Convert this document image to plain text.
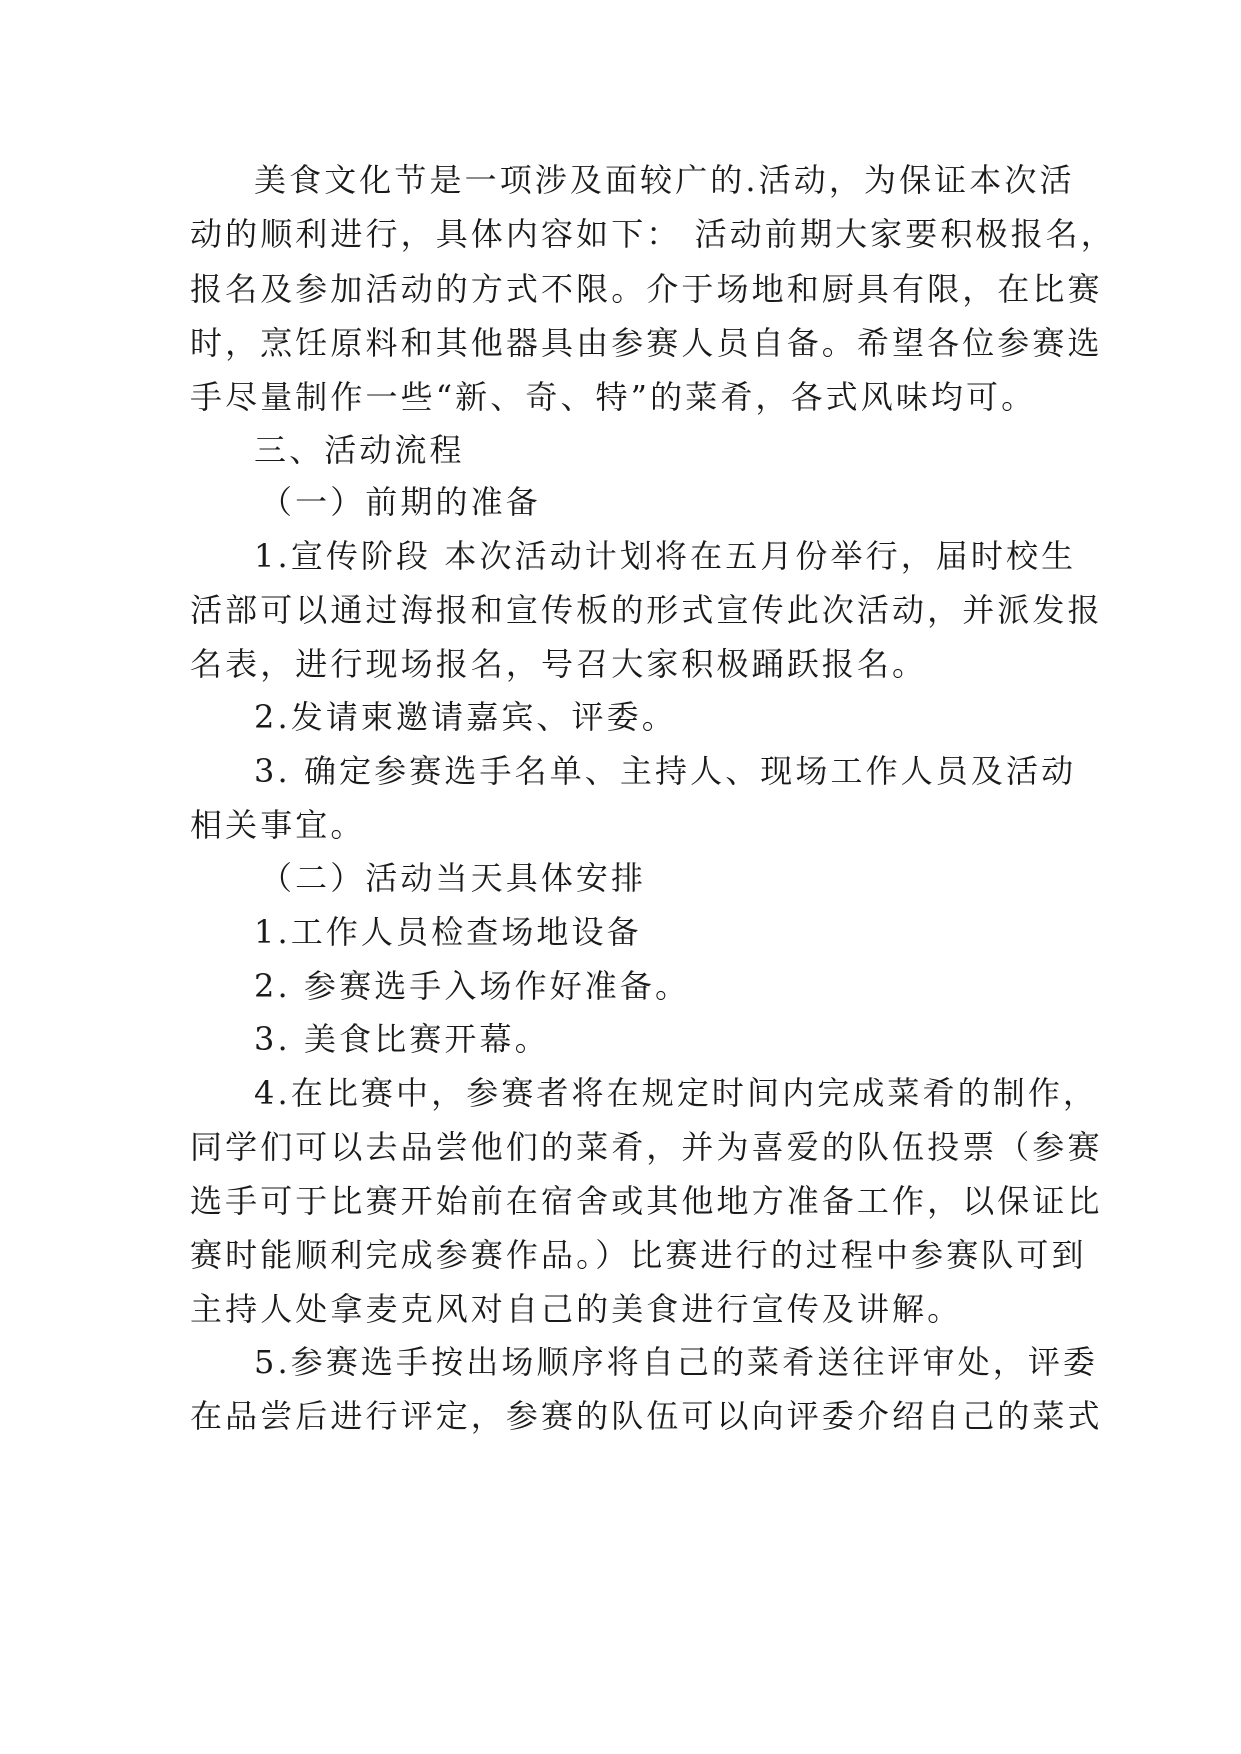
美食文化节是一项涉及面较广的.活动，为保证本次活
动的顺利进行，具体内容如下： 活动前期大家要积极报名，
报名及参加活动的方式不限。介于场地和厨具有限，在比赛
时，烹饪原料和其他器具由参赛人员自备。希望各位参赛选
手尽量制作一些“新、奇、特”的菜肴，各式风味均可。
三、活动流程
（一）前期的准备
1.宣传阶段 本次活动计划将在五月份举行，届时校生
活部可以通过海报和宣传板的形式宣传此次活动，并派发报
名表，进行现场报名，号召大家积极踊跃报名。
2.发请柬邀请嘉宾、评委。
3. 确定参赛选手名单、主持人、现场工作人员及活动
相关事宜。
（二）活动当天具体安排
1.工作人员检查场地设备
2. 参赛选手入场作好准备。
3. 美食比赛开幕。
4.在比赛中，参赛者将在规定时间内完成菜肴的制作，
同学们可以去品尝他们的菜肴，并为喜爱的队伍投票（参赛
选手可于比赛开始前在宿舍或其他地方准备工作，以保证比
赛时能顺利完成参赛作品。）比赛进行的过程中参赛队可到
主持人处拿麦克风对自己的美食进行宣传及讲解。
5.参赛选手按出场顺序将自己的菜肴送往评审处，评委
在品尝后进行评定，参赛的队伍可以向评委介绍自己的菜式
